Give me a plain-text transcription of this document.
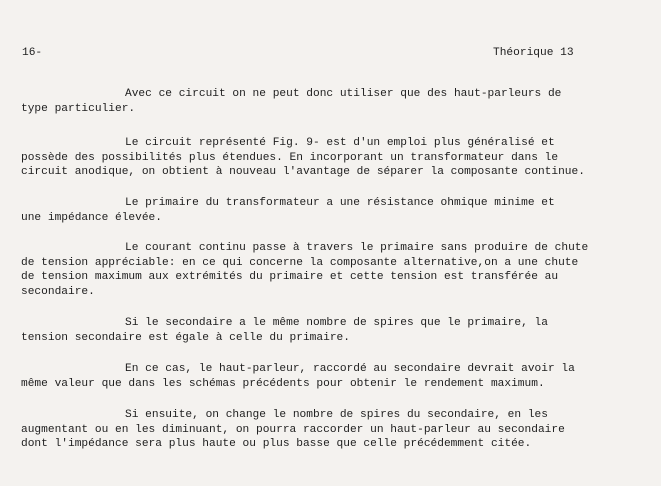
16-	Théorique 13

Avec ce circuit on ne peut donc utiliser que des haut-parleurs de
type particulier.

Le circuit représenté Fig. 9- est d'un emploi plus généralisé et
possède des possibilités plus étendues. En incorporant un transformateur dans le
circuit anodique, on obtient à nouveau l'avantage de séparer la composante continue.

Le primaire du transformateur a une résistance ohmique minime et
une impédance élevée.

Le courant continu passe à travers le primaire sans produire de chute
de tension appréciable: en ce qui concerne la composante alternative,on a une chute
de tension maximum aux extrémités du primaire et cette tension est transférée au
secondaire.

Si le secondaire a le même nombre de spires que le primaire, la
tension secondaire est égale à celle du primaire.

En ce cas, le haut-parleur, raccordé au secondaire devrait avoir la
même valeur que dans les schémas précédents pour obtenir le rendement maximum.

Si ensuite, on change le nombre de spires du secondaire, en les
augmentant ou en les diminuant, on pourra raccorder un haut-parleur au secondaire
dont l'impédance sera plus haute ou plus basse que celle précédemment citée.
